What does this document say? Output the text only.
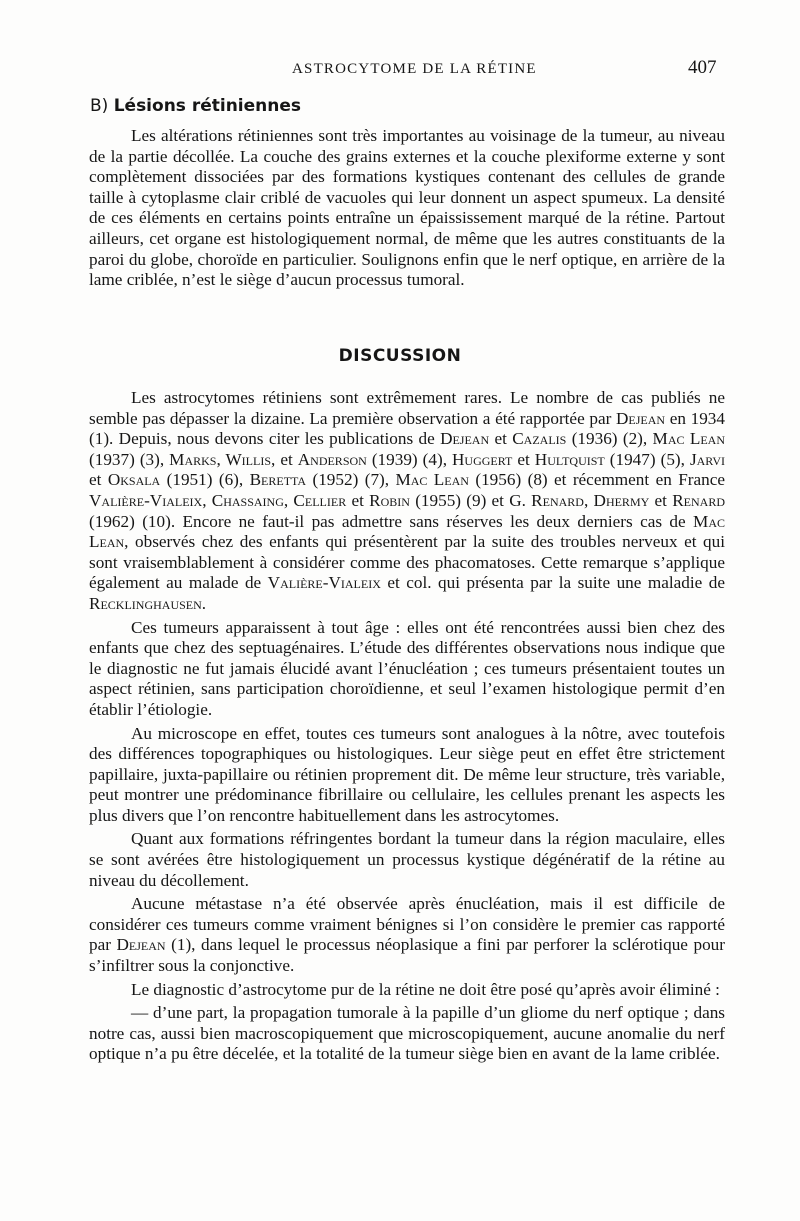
ASTROCYTOME DE LA RÉTINE	407
B) Lésions rétiniennes

Les altérations rétiniennes sont très importantes au voisinage de la tumeur, au niveau de la partie décollée. La couche des grains externes et la couche plexiforme externe y sont complètement dissociées par des formations kystiques contenant des cellules de grande taille à cytoplasme clair criblé de vacuoles qui leur donnent un aspect spumeux. La densité de ces éléments en certains points entraîne un épaississement marqué de la rétine. Partout ailleurs, cet organe est histologiquement normal, de même que les autres constituants de la paroi du globe, choroïde en particulier. Soulignons enfin que le nerf optique, en arrière de la lame criblée, n’est le siège d’aucun processus tumoral.

DISCUSSION

Les astrocytomes rétiniens sont extrêmement rares. Le nombre de cas publiés ne semble pas dépasser la dizaine. La première observation a été rapportée par Dejean en 1934 (1). Depuis, nous devons citer les publications de Dejean et Cazalis (1936) (2), Mac Lean (1937) (3), Marks, Willis, et Anderson (1939) (4), Huggert et Hultquist (1947) (5), Jarvi et Oksala (1951) (6), Beretta (1952) (7), Mac Lean (1956) (8) et récemment en France Valière-Vialeix, Chassaing, Cellier et Robin (1955) (9) et G. Renard, Dhermy et Renard (1962) (10). Encore ne faut-il pas admettre sans réserves les deux derniers cas de Mac Lean, observés chez des enfants qui présentèrent par la suite des troubles nerveux et qui sont vraisemblablement à considérer comme des phacomatoses. Cette remarque s’applique également au malade de Valière-Vialeix et col. qui présenta par la suite une maladie de Recklinghausen.

Ces tumeurs apparaissent à tout âge : elles ont été rencontrées aussi bien chez des enfants que chez des septuagénaires. L’étude des différentes observations nous indique que le diagnostic ne fut jamais élucidé avant l’énucléation ; ces tumeurs présentaient toutes un aspect rétinien, sans participation choroïdienne, et seul l’examen histologique permit d’en établir l’étiologie.

Au microscope en effet, toutes ces tumeurs sont analogues à la nôtre, avec toutefois des différences topographiques ou histologiques. Leur siège peut en effet être strictement papillaire, juxta-papillaire ou rétinien proprement dit. De même leur structure, très variable, peut montrer une prédominance fibrillaire ou cellulaire, les cellules prenant les aspects les plus divers que l’on rencontre habituellement dans les astrocytomes.

Quant aux formations réfringentes bordant la tumeur dans la région maculaire, elles se sont avérées être histologiquement un processus kystique dégénératif de la rétine au niveau du décollement.

Aucune métastase n’a été observée après énucléation, mais il est difficile de considérer ces tumeurs comme vraiment bénignes si l’on considère le premier cas rapporté par Dejean (1), dans lequel le processus néoplasique a fini par perforer la sclérotique pour s’infiltrer sous la conjonctive.

Le diagnostic d’astrocytome pur de la rétine ne doit être posé qu’après avoir éliminé :

— d’une part, la propagation tumorale à la papille d’un gliome du nerf optique ; dans notre cas, aussi bien macroscopiquement que microscopiquement, aucune anomalie du nerf optique n’a pu être décelée, et la totalité de la tumeur siège bien en avant de la lame criblée.
